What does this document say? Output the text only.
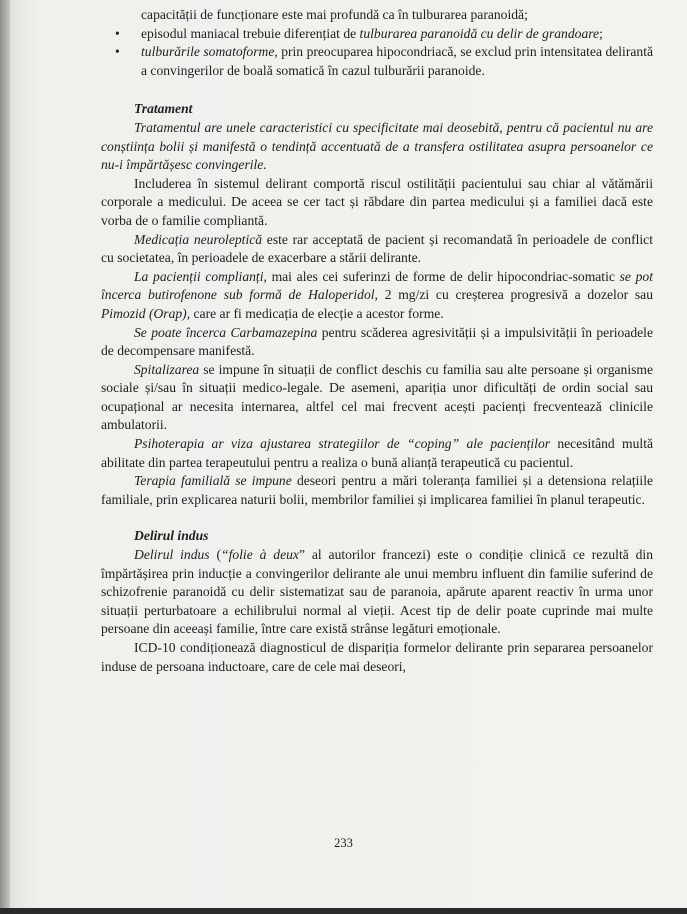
capacității de funcționare este mai profundă ca în tulburarea paranoidă;

• episodul maniacal trebuie diferențiat de tulburarea paranoidă cu delir de grandoare;
• tulburările somatoforme, prin preocuparea hipocondriacă, se exclud prin intensitatea delirantă a convingerilor de boală somatică în cazul tulburării paranoide.

Tratament

Tratamentul are unele caracteristici cu specificitate mai deosebită, pentru că pacientul nu are conștiința bolii și manifestă o tendință accentuată de a transfera ostilitatea asupra persoanelor ce nu-i împărtășesc convingerile.

Includerea în sistemul delirant comportă riscul ostilității pacientului sau chiar al vătămării corporale a medicului. De aceea se cer tact și răbdare din partea medicului și a familiei dacă este vorba de o familie compliantă.

Medicația neuroleptică este rar acceptată de pacient și recomandată în perioadele de conflict cu societatea, în perioadele de exacerbare a stării delirante.

La pacienții complianți, mai ales cei suferinzi de forme de delir hipocondriac-somatic se pot încerca butirofenone sub formă de Haloperidol, 2 mg/zi cu creșterea progresivă a dozelor sau Pimozid (Orap), care ar fi medicația de elecție a acestor forme.

Se poate încerca Carbamazepina pentru scăderea agresivității și a impulsivității în perioadele de decompensare manifestă.

Spitalizarea se impune în situații de conflict deschis cu familia sau alte persoane și organisme sociale și/sau în situații medico-legale. De asemeni, apariția unor dificultăți de ordin social sau ocupațional ar necesita internarea, altfel cel mai frecvent acești pacienți frecventează clinicile ambulatorii.

Psihoterapia ar viza ajustarea strategiilor de “coping” ale pacienților necesitând multă abilitate din partea terapeutului pentru a realiza o bună alianță terapeutică cu pacientul.

Terapia familială se impune deseori pentru a mări toleranța familiei și a detensiona relațiile familiale, prin explicarea naturii bolii, membrilor familiei și implicarea familiei în planul terapeutic.

Delirul indus

Delirul indus (“folie à deux” al autorilor francezi) este o condiție clinică ce rezultă din împărtășirea prin inducție a convingerilor delirante ale unui membru influent din familie suferind de schizofrenie paranoidă cu delir sistematizat sau de paranoia, apărute aparent reactiv în urma unor situații perturbatoare a echilibrului normal al vieții. Acest tip de delir poate cuprinde mai multe persoane din aceeași familie, între care există strânse legături emoționale.

ICD-10 condiționează diagnosticul de dispariția formelor delirante prin separarea persoanelor induse de persoana inductoare, care de cele mai deseori,

233
